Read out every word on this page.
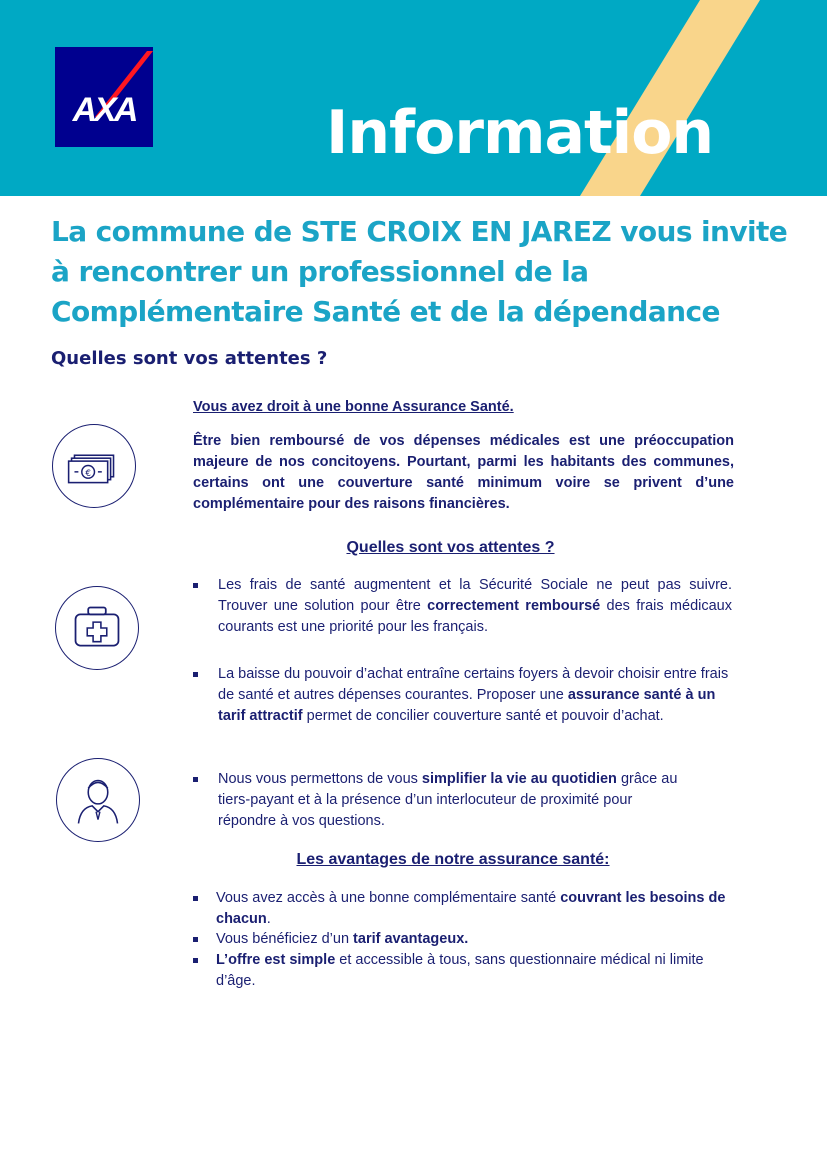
AXA	Information
La commune de STE CROIX EN JAREZ vous invite
à rencontrer un professionnel de la
Complémentaire Santé et de la dépendance
Quelles sont vos attentes ?
€
Vous avez droit à une bonne Assurance Santé.
Être bien remboursé de vos dépenses médicales est une préoccupation majeure de nos concitoyens. Pourtant, parmi les habitants des communes, certains ont une couverture santé minimum voire se privent d’une complémentaire pour des raisons financières.
Quelles sont vos attentes ?
Les frais de santé augmentent et la Sécurité Sociale ne peut pas suivre. Trouver une solution pour être correctement remboursé des frais médicaux courants est une priorité pour les français.
La baisse du pouvoir d’achat entraîne certains foyers à devoir choisir entre frais de santé et autres dépenses courantes. Proposer une assurance santé à un tarif attractif permet de concilier couverture santé et pouvoir d’achat.
Nous vous permettons de vous simplifier la vie au quotidien grâce au tiers-payant et à la présence d’un interlocuteur de proximité pour répondre à vos questions.
Les avantages de notre assurance santé:
Vous avez accès à une bonne complémentaire santé couvrant les besoins de chacun.
Vous bénéficiez d’un tarif avantageux.
L’offre est simple et accessible à tous, sans questionnaire médical ni limite d’âge.
